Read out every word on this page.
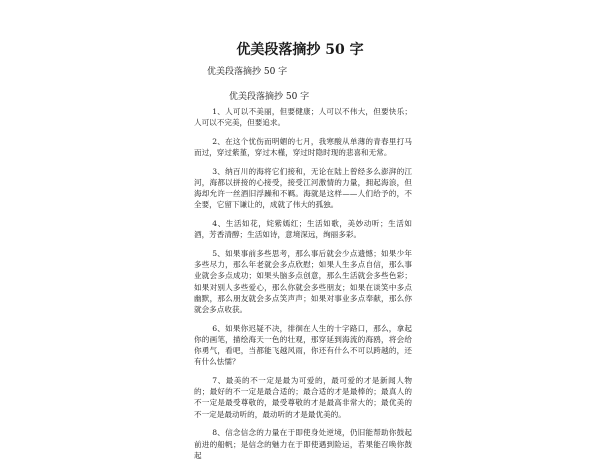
优美段落摘抄 50 字
优美段落摘抄 50 字
优美段落摘抄 50 字

1、人可以不美丽，但要健康；人可以不伟大，但要快乐；人可以不完美，但要追求。

2、在这个忧伤而明媚的七月，我寒酸从单薄的青春里打马而过，穿过紫堇，穿过木槿，穿过时隐时现的悲喜和无常。

3、纳百川的海将它们接和，无论在陆上曾经多么澎湃的江河，海都以拼接的心接受，接受江河激情的力量，拥起海浪，但海却允许一丝酒旧浮躁和不羁。海就是这样——人们给予的，不全要，它留下谦让的，成就了伟大的孤独。

4、生活如花，姹紫嫣红；生活如歌，美妙动听；生活如酒，芳香清醇；生活如诗，意境深远，绚丽多彩。

5、如果事前多些思考，那么事后就会少点遗憾；如果少年多些尽力，那么年老就会多点欣慰；如果人生多点自信，那么事业就会多点成功；如果头脑多点创意，那么生活就会多些色彩；如果对别人多些爱心，那么你就会多些朋友；如果在谈笑中多点幽默，那么朋友就会多点笑声声；如果对事业多点奉献，那么你就会多点收获。

6、如果你迟疑不决，徘徊在人生的十字路口，那么，拿起你的画笔，描绘海天一色的壮观，那穿延到海流的海鸥，将会给你勇气，看吧，当都能飞越风雨，你还有什么不可以跨越的，还有什么怯懦？

7、最美的不一定是最为可爱的，最可爱的才是新闻人物的；最好的不一定是最合适的；最合适的才是最棒的；最真人的不一定是最受尊敬的，最受尊敬的才是最高非常大的；最优美的不一定是最动听的，最动听的才是最优美的。

8、信念信念的力量在于即使身处逆境，仍旧能帮助你鼓起前进的船帆；是信念的魅力在于即使遇到险运，若果能召唤你鼓起
